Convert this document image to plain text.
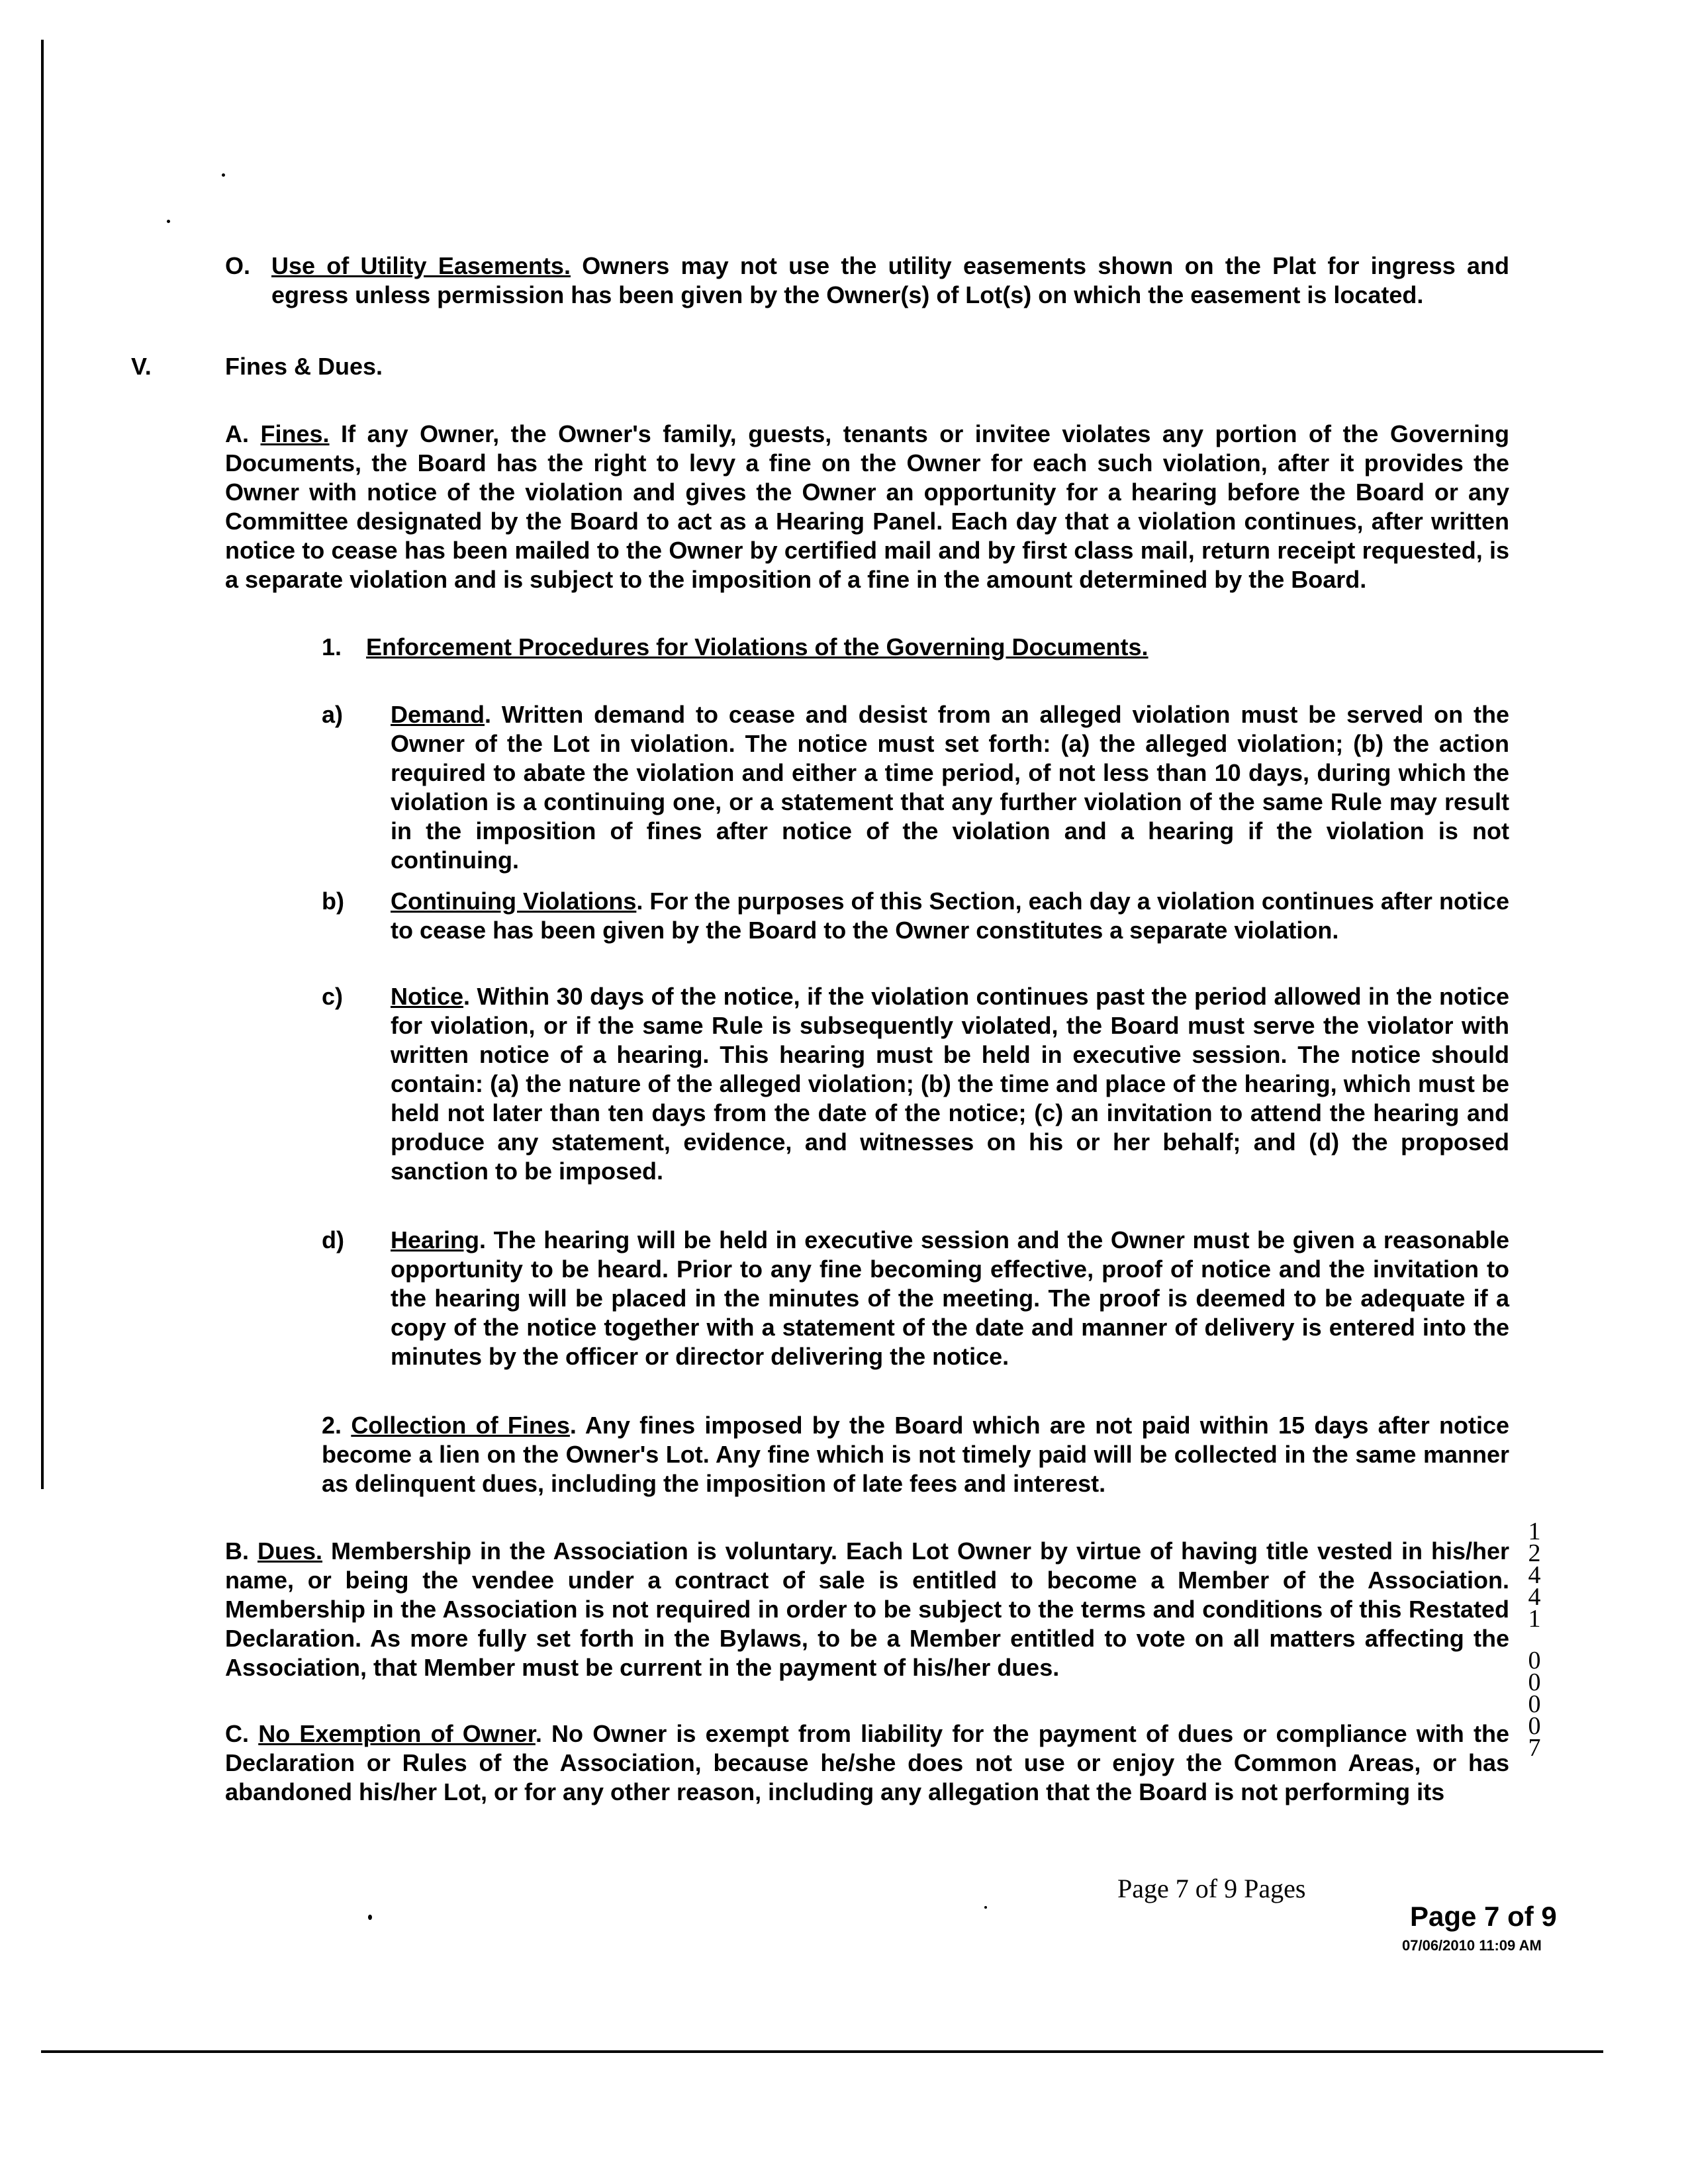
O. Use of Utility Easements. Owners may not use the utility easements shown on the Plat for ingress and egress unless permission has been given by the Owner(s) of Lot(s) on which the easement is located.

V.	Fines & Dues.

A. Fines. If any Owner, the Owner's family, guests, tenants or invitee violates any portion of the Governing Documents, the Board has the right to levy a fine on the Owner for each such violation, after it provides the Owner with notice of the violation and gives the Owner an opportunity for a hearing before the Board or any Committee designated by the Board to act as a Hearing Panel. Each day that a violation continues, after written notice to cease has been mailed to the Owner by certified mail and by first class mail, return receipt requested, is a separate violation and is subject to the imposition of a fine in the amount determined by the Board.

1. Enforcement Procedures for Violations of the Governing Documents.
a) Demand. Written demand to cease and desist from an alleged violation must be served on the Owner of the Lot in violation. The notice must set forth: (a) the alleged violation; (b) the action required to abate the violation and either a time period, of not less than 10 days, during which the violation is a continuing one, or a statement that any further violation of the same Rule may result in the imposition of fines after notice of the violation and a hearing if the violation is not continuing.

b) Continuing Violations. For the purposes of this Section, each day a violation continues after notice to cease has been given by the Board to the Owner constitutes a separate violation.

c) Notice. Within 30 days of the notice, if the violation continues past the period allowed in the notice for violation, or if the same Rule is subsequently violated, the Board must serve the violator with written notice of a hearing. This hearing must be held in executive session. The notice should contain: (a) the nature of the alleged violation; (b) the time and place of the hearing, which must be held not later than ten days from the date of the notice; (c) an invitation to attend the hearing and produce any statement, evidence, and witnesses on his or her behalf; and (d) the proposed sanction to be imposed.

d) Hearing. The hearing will be held in executive session and the Owner must be given a reasonable opportunity to be heard. Prior to any fine becoming effective, proof of notice and the invitation to the hearing will be placed in the minutes of the meeting. The proof is deemed to be adequate if a copy of the notice together with a statement of the date and manner of delivery is entered into the minutes by the officer or director delivering the notice.

2. Collection of Fines. Any fines imposed by the Board which are not paid within 15 days after notice become a lien on the Owner's Lot. Any fine which is not timely paid will be collected in the same manner as delinquent dues, including the imposition of late fees and interest.

B. Dues. Membership in the Association is voluntary. Each Lot Owner by virtue of having title vested in his/her name, or being the vendee under a contract of sale is entitled to become a Member of the Association. Membership in the Association is not required in order to be subject to the terms and conditions of this Restated Declaration. As more fully set forth in the Bylaws, to be a Member entitled to vote on all matters affecting the Association, that Member must be current in the payment of his/her dues.

C. No Exemption of Owner. No Owner is exempt from liability for the payment of dues or compliance with the Declaration or Rules of the Association, because he/she does not use or enjoy the Common Areas, or has abandoned his/her Lot, or for any other reason, including any allegation that the Board is not performing its

1
2
4
4
1
0
0
0
0
7
Page 7 of 9 Pages
Page 7 of 9
07/06/2010 11:09 AM
